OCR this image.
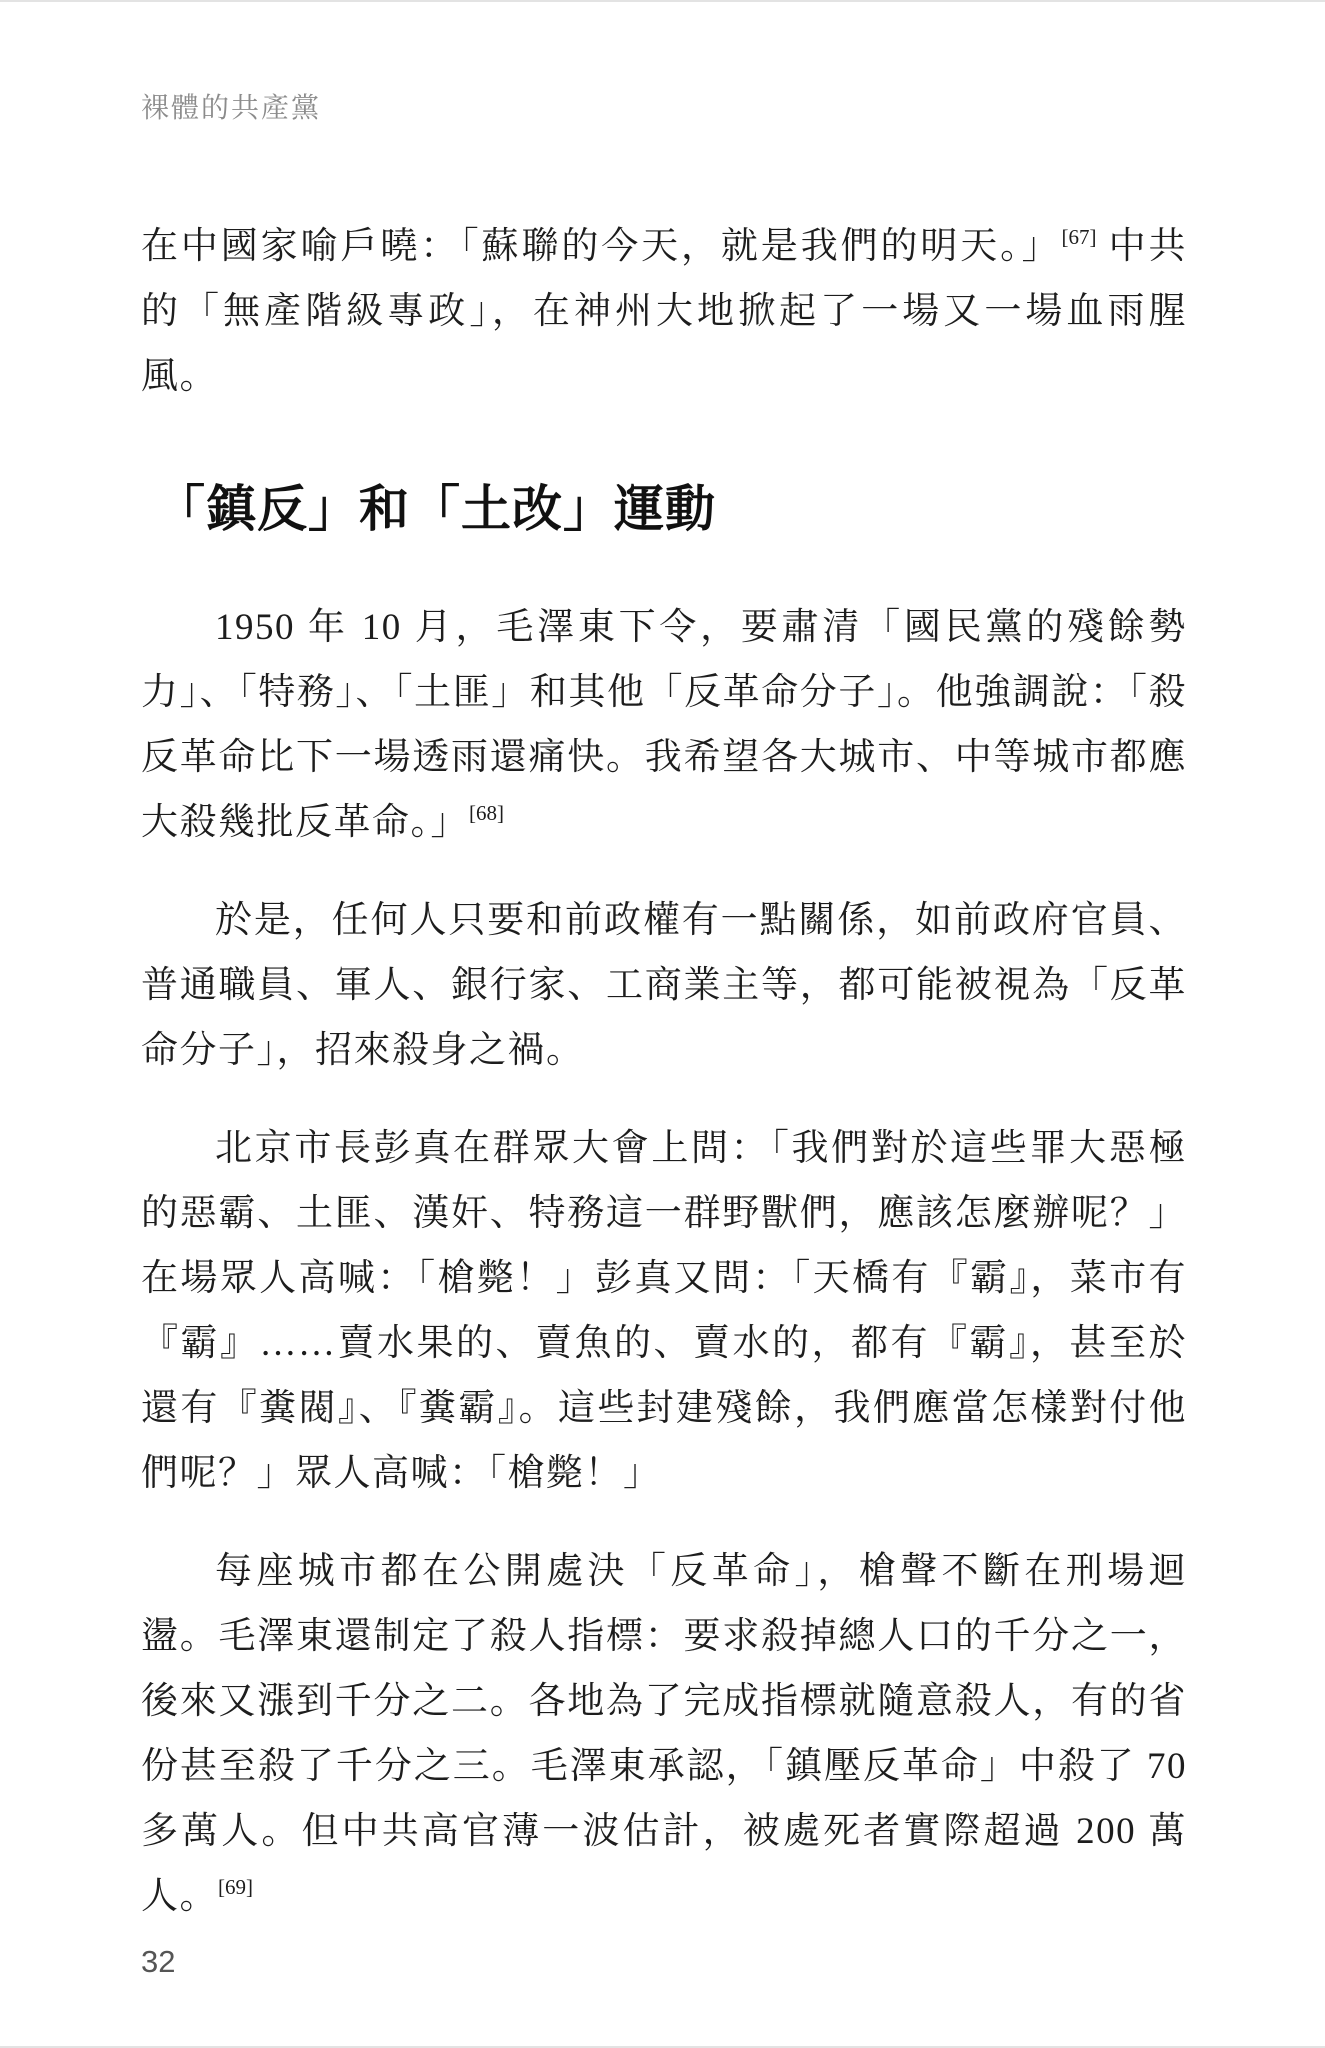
裸體的共產黨

在中國家喻戶曉：「蘇聯的今天，就是我們的明天。」[67] 中共的「無產階級專政」，在神州大地掀起了一場又一場血雨腥風。

「鎮反」和「土改」運動

1950 年 10 月，毛澤東下令，要肅清「國民黨的殘餘勢力」、「特務」、「土匪」和其他「反革命分子」。他強調說：「殺反革命比下一場透雨還痛快。我希望各大城市、中等城市都應大殺幾批反革命。」[68]

於是，任何人只要和前政權有一點關係，如前政府官員、普通職員、軍人、銀行家、工商業主等，都可能被視為「反革命分子」，招來殺身之禍。

北京市長彭真在群眾大會上問：「我們對於這些罪大惡極的惡霸、土匪、漢奸、特務這一群野獸們，應該怎麼辦呢？」在場眾人高喊：「槍斃！」彭真又問：「天橋有『霸』，菜市有『霸』……賣水果的、賣魚的、賣水的，都有『霸』，甚至於還有『糞閥』、『糞霸』。這些封建殘餘，我們應當怎樣對付他們呢？」眾人高喊：「槍斃！」

每座城市都在公開處決「反革命」，槍聲不斷在刑場迴盪。毛澤東還制定了殺人指標：要求殺掉總人口的千分之一，後來又漲到千分之二。各地為了完成指標就隨意殺人，有的省份甚至殺了千分之三。毛澤東承認，「鎮壓反革命」中殺了 70 多萬人。但中共高官薄一波估計，被處死者實際超過 200 萬人。[69]

32
